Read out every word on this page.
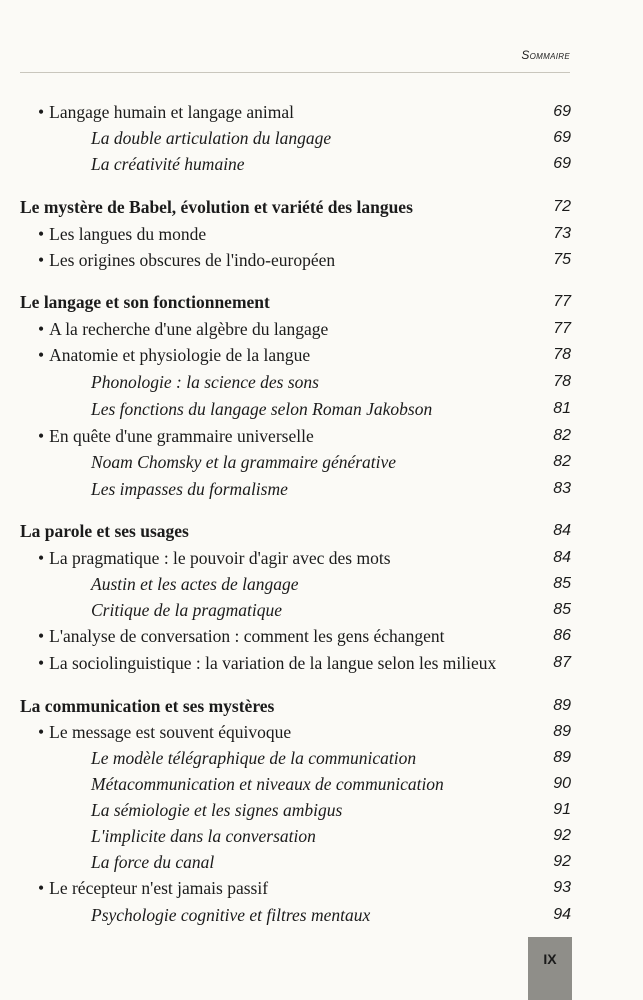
Sommaire
• Langage humain et langage animal	69
La double articulation du langage	69
La créativité humaine	69
Le mystère de Babel, évolution et variété des langues	72
• Les langues du monde	73
• Les origines obscures de l'indo-européen	75
Le langage et son fonctionnement	77
• A la recherche d'une algèbre du langage	77
• Anatomie et physiologie de la langue	78
Phonologie : la science des sons	78
Les fonctions du langage selon Roman Jakobson	81
• En quête d'une grammaire universelle	82
Noam Chomsky et la grammaire générative	82
Les impasses du formalisme	83
La parole et ses usages	84
• La pragmatique : le pouvoir d'agir avec des mots	84
Austin et les actes de langage	85
Critique de la pragmatique	85
• L'analyse de conversation : comment les gens échangent	86
• La sociolinguistique : la variation de la langue selon les milieux	87
La communication et ses mystères	89
• Le message est souvent équivoque	89
Le modèle télégraphique de la communication	89
Métacommunication et niveaux de communication	90
La sémiologie et les signes ambigus	91
L'implicite dans la conversation	92
La force du canal	92
• Le récepteur n'est jamais passif	93
Psychologie cognitive et filtres mentaux	94
IX
